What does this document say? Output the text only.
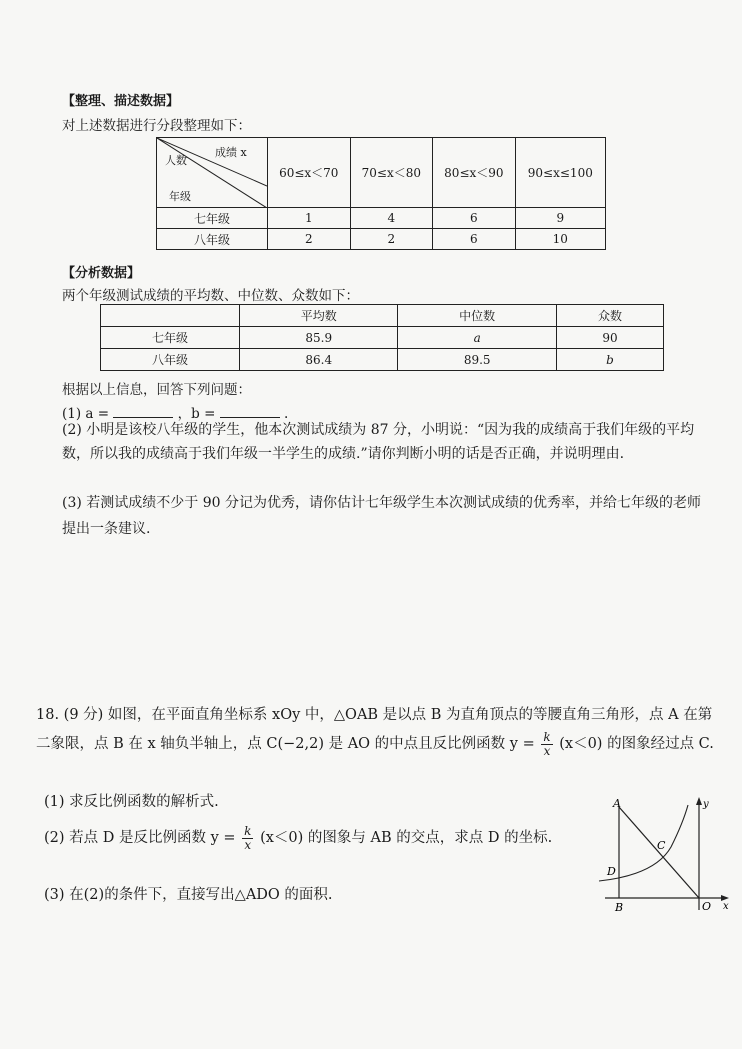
【整理、描述数据】
对上述数据进行分段整理如下：
成绩 x
人数
年级	60≤x＜70	70≤x＜80	80≤x＜90	90≤x≤100
七年级	1	4	6	9
八年级	2	2	6	10
【分析数据】
两个年级测试成绩的平均数、中位数、众数如下：
	平均数	中位数	众数
七年级	85.9	a	90
八年级	86.4	89.5	b
根据以上信息，回答下列问题：
(1) a =	，b =	.
(2) 小明是该校八年级的学生，他本次测试成绩为 87 分，小明说：“因为我的成绩高于我们年级的平均数，所以我的成绩高于我们年级一半学生的成绩.”请你判断小明的话是否正确，并说明理由.
(3) 若测试成绩不少于 90 分记为优秀，请你估计七年级学生本次测试成绩的优秀率，并给七年级的老师提出一条建议.
18. (9 分) 如图，在平面直角坐标系 xOy 中，△OAB 是以点 B 为直角顶点的等腰直角三角形，点 A 在第二象限，点 B 在 x 轴负半轴上，点 C(−2,2) 是 AO 的中点且反比例函数 $y = \frac{k}{x} (x<0)$ 的图象经过点 C.
(1) 求反比例函数的解析式.
(2) 若点 D 是反比例函数 $y = \frac{k}{x} (x<0)$ 的图象与 AB 的交点，求点 D 的坐标.
(3) 在(2)的条件下，直接写出△ADO 的面积.
A
B
C
D
O
y
x
